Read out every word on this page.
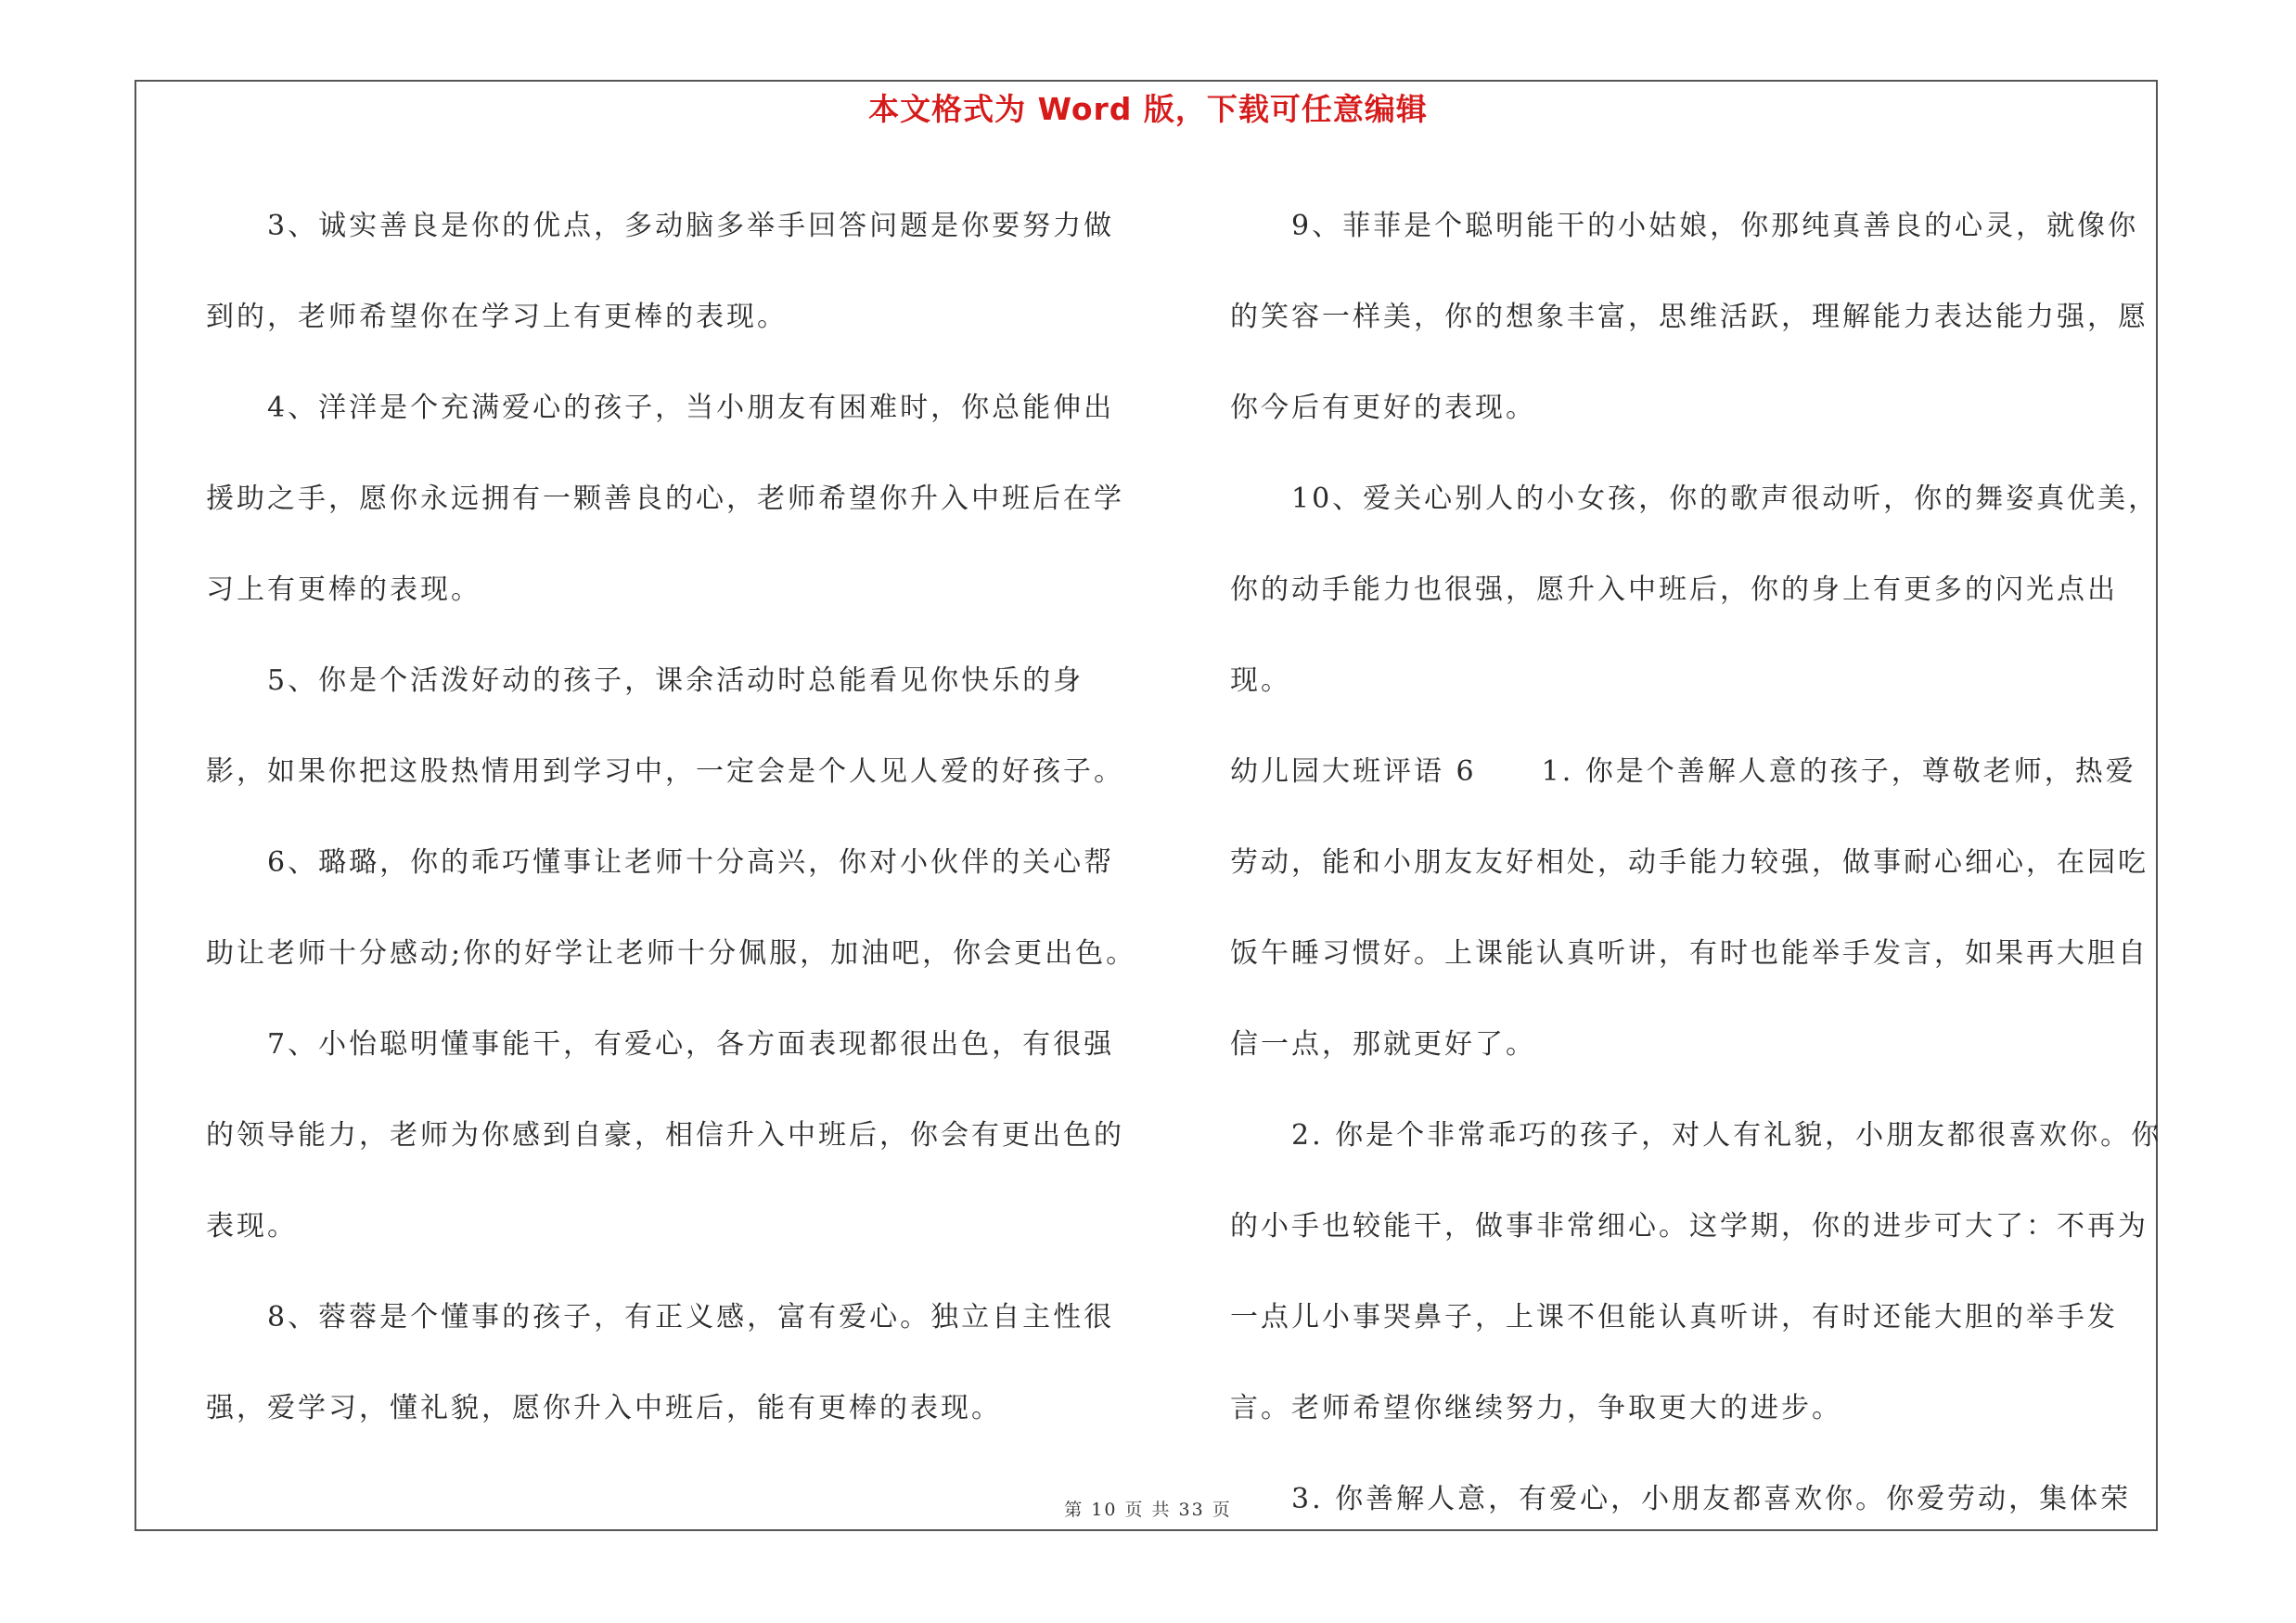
本文格式为 Word 版，下载可任意编辑

3、诚实善良是你的优点，多动脑多举手回答问题是你要努力做到的，老师希望你在学习上有更棒的表现。

4、洋洋是个充满爱心的孩子，当小朋友有困难时，你总能伸出援助之手，愿你永远拥有一颗善良的心，老师希望你升入中班后在学习上有更棒的表现。

5、你是个活泼好动的孩子，课余活动时总能看见你快乐的身影，如果你把这股热情用到学习中，一定会是个人见人爱的好孩子。

6、璐璐，你的乖巧懂事让老师十分高兴，你对小伙伴的关心帮助让老师十分感动;你的好学让老师十分佩服，加油吧，你会更出色。

7、小怡聪明懂事能干，有爱心，各方面表现都很出色，有很强的领导能力，老师为你感到自豪，相信升入中班后，你会有更出色的表现。

8、蓉蓉是个懂事的孩子，有正义感，富有爱心。独立自主性很强，爱学习，懂礼貌，愿你升入中班后，能有更棒的表现。

9、菲菲是个聪明能干的小姑娘，你那纯真善良的心灵，就像你的笑容一样美，你的想象丰富，思维活跃，理解能力表达能力强，愿你今后有更好的表现。

10、爱关心别人的小女孩，你的歌声很动听，你的舞姿真优美，你的动手能力也很强，愿升入中班后，你的身上有更多的闪光点出现。

幼儿园大班评语 6 1. 你是个善解人意的孩子，尊敬老师，热爱劳动，能和小朋友友好相处，动手能力较强，做事耐心细心，在园吃饭午睡习惯好。上课能认真听讲，有时也能举手发言，如果再大胆自信一点，那就更好了。

2. 你是个非常乖巧的孩子，对人有礼貌，小朋友都很喜欢你。你的小手也较能干，做事非常细心。这学期，你的进步可大了：不再为一点儿小事哭鼻子，上课不但能认真听讲，有时还能大胆的举手发言。老师希望你继续努力，争取更大的进步。

3. 你善解人意，有爱心，小朋友都喜欢你。你爱劳动，集体荣

第 10 页 共 33 页
